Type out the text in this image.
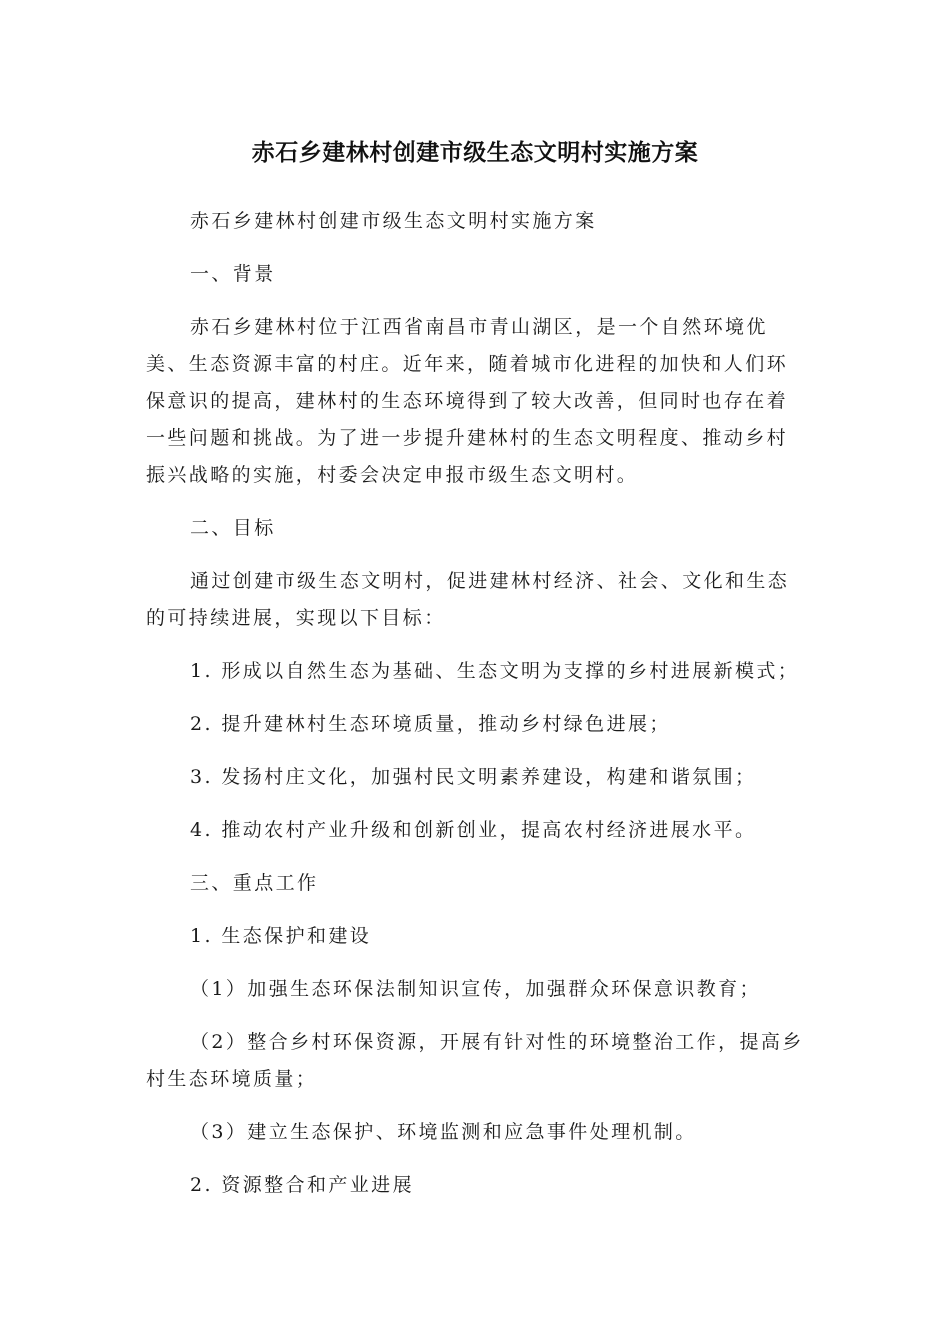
赤石乡建林村创建市级生态文明村实施方案

赤石乡建林村创建市级生态文明村实施方案

一、背景

赤石乡建林村位于江西省南昌市青山湖区，是一个自然环境优美、生态资源丰富的村庄。近年来，随着城市化进程的加快和人们环保意识的提高，建林村的生态环境得到了较大改善，但同时也存在着一些问题和挑战。为了进一步提升建林村的生态文明程度、推动乡村振兴战略的实施，村委会决定申报市级生态文明村。

二、目标

通过创建市级生态文明村，促进建林村经济、社会、文化和生态的可持续进展，实现以下目标：

1. 形成以自然生态为基础、生态文明为支撑的乡村进展新模式；

2. 提升建林村生态环境质量，推动乡村绿色进展；

3. 发扬村庄文化，加强村民文明素养建设，构建和谐氛围；

4. 推动农村产业升级和创新创业，提高农村经济进展水平。

三、重点工作

1. 生态保护和建设

（1）加强生态环保法制知识宣传，加强群众环保意识教育；

（2）整合乡村环保资源，开展有针对性的环境整治工作，提高乡村生态环境质量；

（3）建立生态保护、环境监测和应急事件处理机制。

2. 资源整合和产业进展
